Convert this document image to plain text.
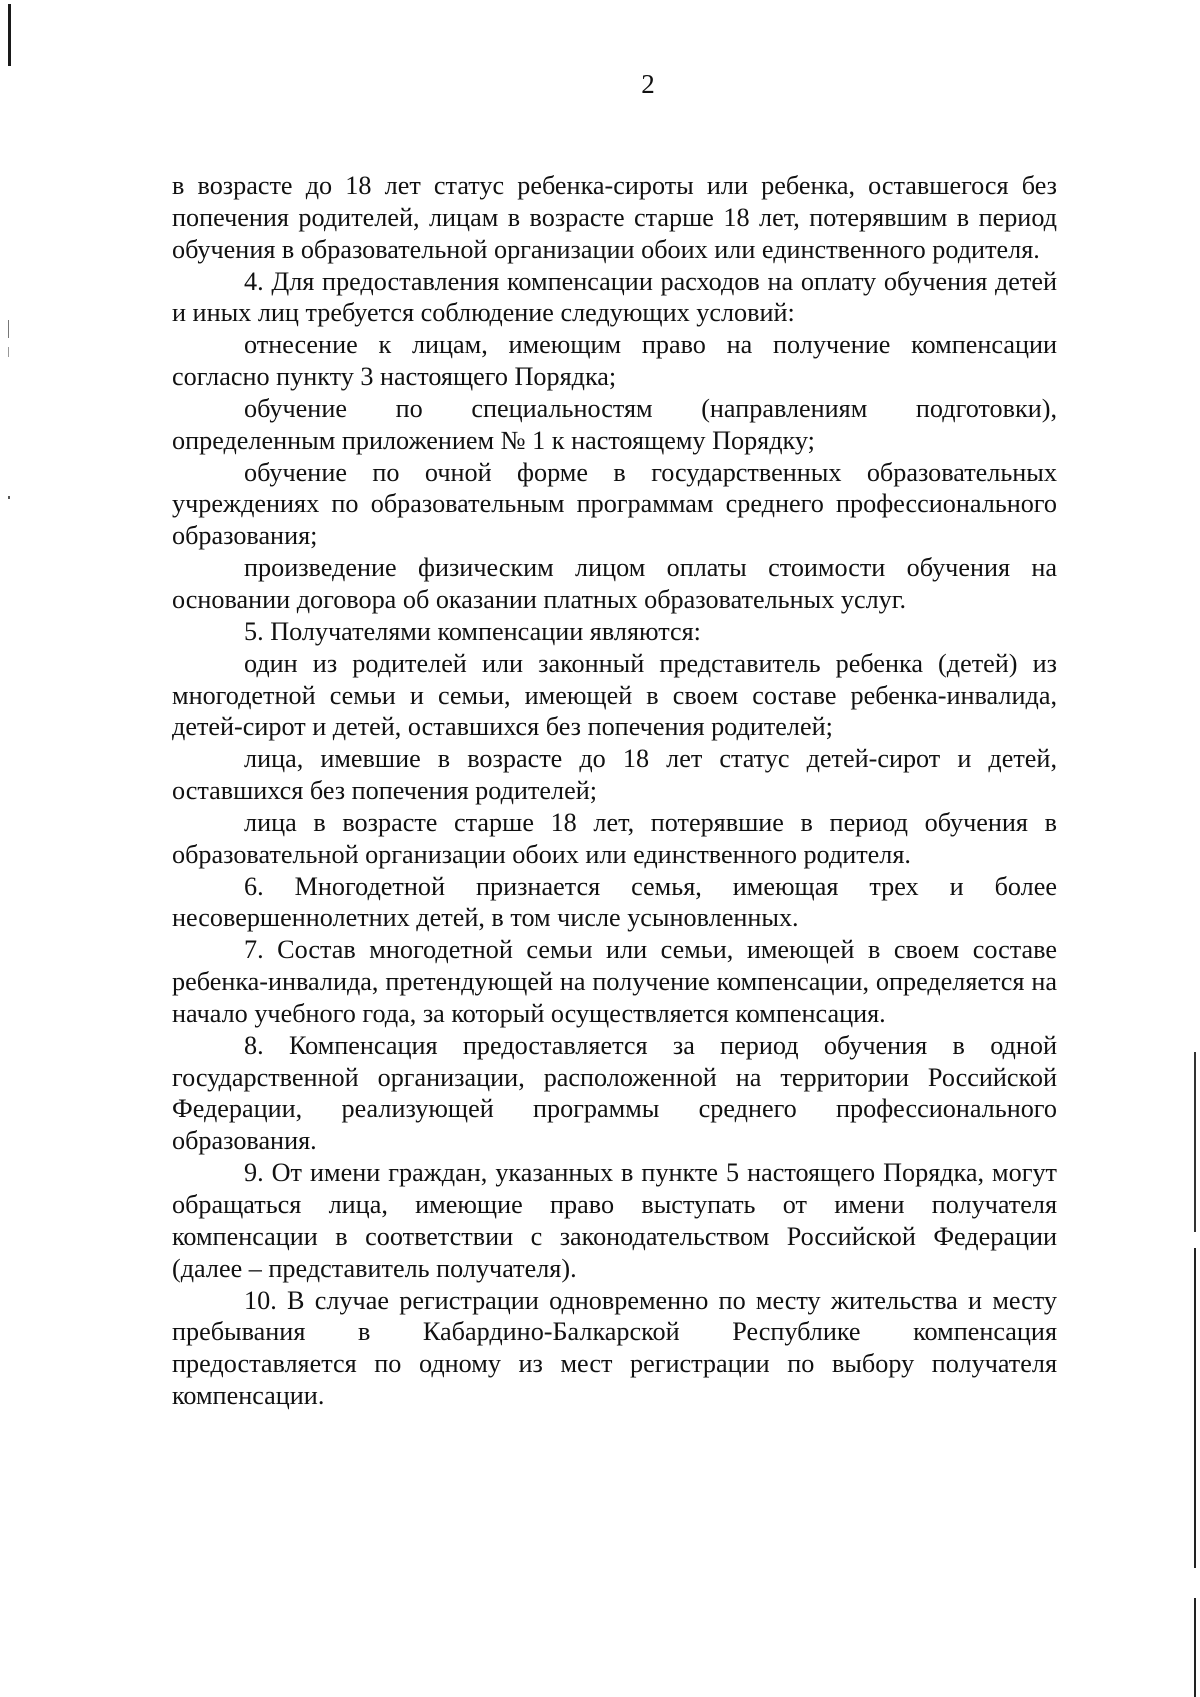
2

в возрасте до 18 лет статус ребенка-сироты или ребенка, оставшегося без попечения родителей, лицам в возрасте старше 18 лет, потерявшим в период обучения в образовательной организации обоих или единственного родителя.

4. Для предоставления компенсации расходов на оплату обучения детей и иных лиц требуется соблюдение следующих условий:

отнесение к лицам, имеющим право на получение компенсации согласно пункту 3 настоящего Порядка;

обучение по специальностям (направлениям подготовки), определенным приложением № 1 к настоящему Порядку;

обучение по очной форме в государственных образовательных учреждениях по образовательным программам среднего профессионального образования;

произведение физическим лицом оплаты стоимости обучения на основании договора об оказании платных образовательных услуг.

5. Получателями компенсации являются:

один из родителей или законный представитель ребенка (детей) из многодетной семьи и семьи, имеющей в своем составе ребенка-инвалида, детей-сирот и детей, оставшихся без попечения родителей;

лица, имевшие в возрасте до 18 лет статус детей-сирот и детей, оставшихся без попечения родителей;

лица в возрасте старше 18 лет, потерявшие в период обучения в образовательной организации обоих или единственного родителя.

6. Многодетной признается семья, имеющая трех и более несовершеннолетних детей, в том числе усыновленных.

7. Состав многодетной семьи или семьи, имеющей в своем составе ребенка-инвалида, претендующей на получение компенсации, определяется на начало учебного года, за который осуществляется компенсация.

8. Компенсация предоставляется за период обучения в одной государственной организации, расположенной на территории Российской Федерации, реализующей программы среднего профессионального образования.

9. От имени граждан, указанных в пункте 5 настоящего Порядка, могут обращаться лица, имеющие право выступать от имени получателя компенсации в соответствии с законодательством Российской Федерации (далее – представитель получателя).

10. В случае регистрации одновременно по месту жительства и месту пребывания в Кабардино-Балкарской Республике компенсация предоставляется по одному из мест регистрации по выбору получателя компенсации.
